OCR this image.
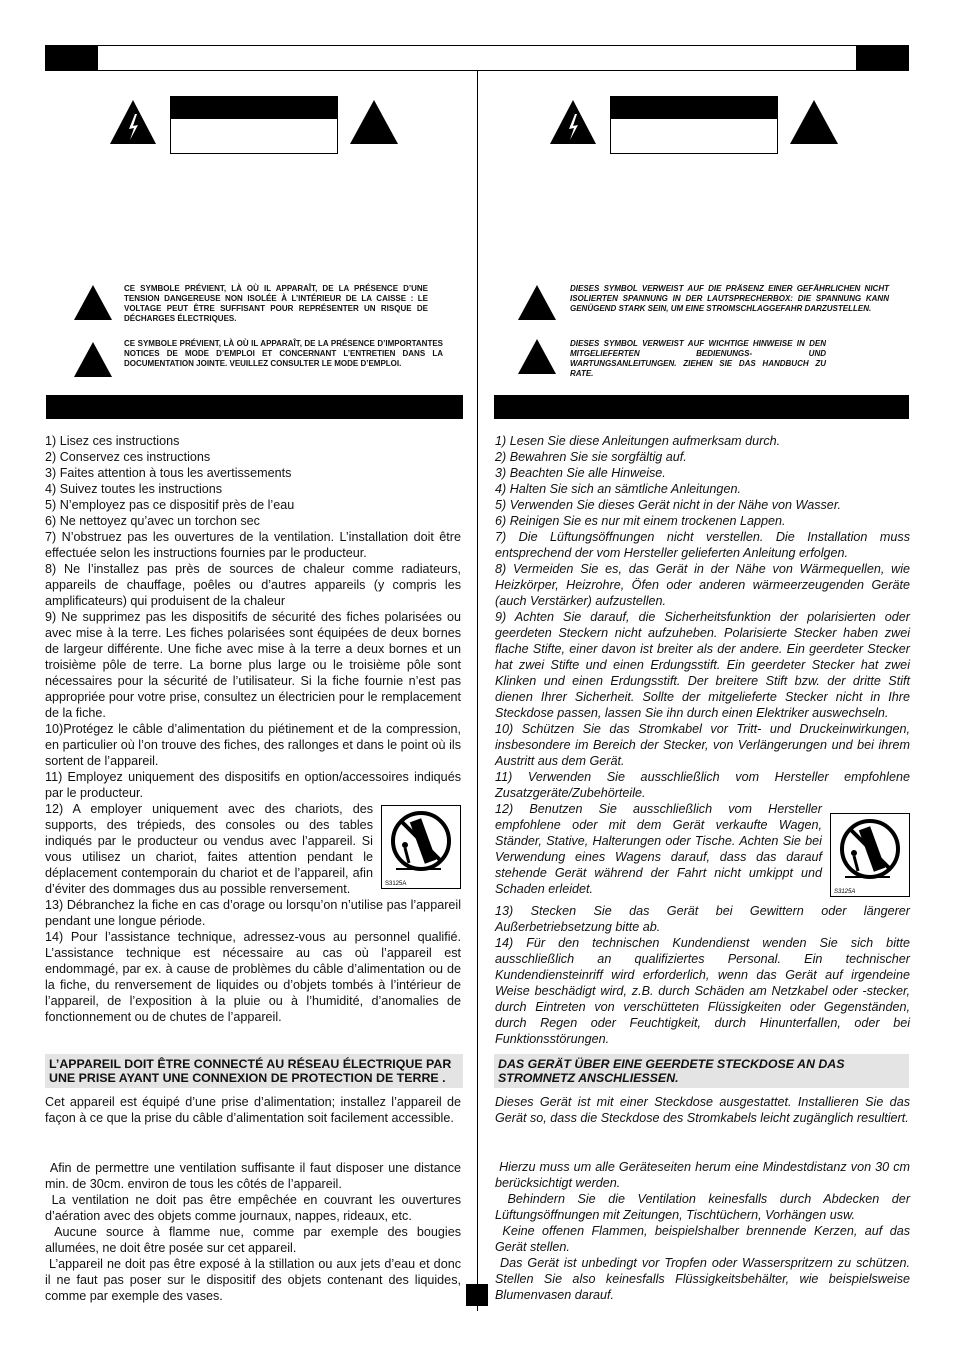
CE SYMBOLE PRÉVIENT, LÀ OÙ IL APPARAÎT, DE LA PRÉSENCE D’UNE TENSION DANGEREUSE NON ISOLÉE À L’INTÉRIEUR DE LA CAISSE : LE VOLTAGE PEUT ÊTRE SUFFISANT POUR REPRÉSENTER UN RISQUE DE DÉCHARGES ÉLECTRIQUES.
CE SYMBOLE PRÉVIENT, LÀ OÙ IL APPARAÎT, DE LA PRÉSENCE D’IMPORTANTES NOTICES DE MODE D’EMPLOI ET CONCERNANT L’ENTRETIEN DANS LA DOCUMENTATION JOINTE. VEUILLEZ CONSULTER LE MODE D’EMPLOI.

1) Lisez ces instructions

2) Conservez ces instructions

3) Faites attention à tous les avertissements

4) Suivez toutes les instructions

5) N’employez pas ce dispositif près de l’eau

6) Ne nettoyez qu’avec un torchon sec

7) N’obstruez pas les ouvertures de la ventilation. L’installation doit être effectuée selon les instructions fournies par le producteur.

8) Ne l’installez pas près de sources de chaleur comme radiateurs, appareils de chauffage, poêles ou d’autres appareils (y compris les amplificateurs) qui produisent de la chaleur

9) Ne supprimez pas les dispositifs de sécurité des fiches polarisées ou avec mise à la terre. Les fiches polarisées sont équipées de deux bornes de largeur différente. Une fiche avec mise à la terre a deux bornes et un troisième pôle de terre. La borne plus large ou le troisième pôle sont nécessaires pour la sécurité de l’utilisateur. Si la fiche fournie n’est pas appropriée pour votre prise, consultez un électricien pour le remplacement de la fiche.

10)Protégez le câble d’alimentation du piétinement et de la compression, en particulier où l’on trouve des fiches, des rallonges et dans le point où ils sortent de l’appareil.

11) Employez uniquement des dispositifs en option/accessoires indiqués par le producteur.

S3125A

12) A employer uniquement avec des chariots, des supports, des trépieds, des consoles ou des tables indiqués par le producteur ou vendus avec l’appareil. Si vous utilisez un chariot, faites attention pendant le déplacement contemporain du chariot et de l’appareil, afin d’éviter des dommages dus au possible renversement.

13) Débranchez la fiche en cas d’orage ou lorsqu’on n’utilise pas l’appareil pendant une longue période.

14) Pour l’assistance technique, adressez-vous au personnel qualifié. L’assistance technique est nécessaire au cas où l’appareil est endommagé, par ex. à cause de problèmes du câble d’alimentation ou de la fiche, du renversement de liquides ou d’objets tombés à l’intérieur de l’appareil, de l’exposition à la pluie ou à l’humidité, d’anomalies de fonctionnement ou de chutes de l’appareil.

L’APPAREIL DOIT ÊTRE CONNECTÉ AU RÉSEAU ÉLECTRIQUE PAR UNE PRISE AYANT UNE CONNEXION DE PROTECTION DE TERRE .
Cet appareil est équipé d’une prise d’alimentation; installez l’appareil de façon à ce que la prise du câble d’alimentation soit facilement accessible.

Afin de permettre une ventilation suffisante il faut disposer une distance min. de 30cm. environ de tous les côtés de l’appareil.

La ventilation ne doit pas être empêchée en couvrant les ouvertures d’aération avec des objets comme journaux, nappes, rideaux, etc.

Aucune source à flamme nue, comme par exemple des bougies allumées, ne doit être posée sur cet appareil.

L’appareil ne doit pas être exposé à la stillation ou aux jets d’eau et donc il ne faut pas poser sur le dispositif des objets contenant des liquides, comme par exemple des vases.

DIESES SYMBOL VERWEIST AUF DIE PRÄSENZ EINER GEFÄHRLICHEN NICHT ISOLIERTEN SPANNUNG IN DER LAUTSPRECHERBOX: DIE SPANNUNG KANN GENÜGEND STARK SEIN, UM EINE STROMSCHLAGGEFAHR DARZUSTELLEN.
DIESES SYMBOL VERWEIST AUF WICHTIGE HINWEISE IN DEN MITGELIEFERTEN BEDIENUNGS- UND WARTUNGSANLEITUNGEN. ZIEHEN SIE DAS HANDBUCH ZU RATE.

1) Lesen Sie diese Anleitungen aufmerksam durch.

2) Bewahren Sie sie sorgfältig auf.

3) Beachten Sie alle Hinweise.

4) Halten Sie sich an sämtliche Anleitungen.

5) Verwenden Sie dieses Gerät nicht in der Nähe von Wasser.

6) Reinigen Sie es nur mit einem trockenen Lappen.

7) Die Lüftungsöffnungen nicht verstellen. Die Installation muss entsprechend der vom Hersteller gelieferten Anleitung erfolgen.

8) Vermeiden Sie es, das Gerät in der Nähe von Wärmequellen, wie Heizkörper, Heizrohre, Öfen oder anderen wärmeerzeugenden Geräte (auch Verstärker) aufzustellen.

9) Achten Sie darauf, die Sicherheitsfunktion der polarisierten oder geerdeten Steckern nicht aufzuheben. Polarisierte Stecker haben zwei flache Stifte, einer davon ist breiter als der andere. Ein geerdeter Stecker hat zwei Stifte und einen Erdungsstift. Ein geerdeter Stecker hat zwei Klinken und einen Erdungsstift. Der breitere Stift bzw. der dritte Stift dienen Ihrer Sicherheit. Sollte der mitgelieferte Stecker nicht in Ihre Steckdose passen, lassen Sie ihn durch einen Elektriker auswechseln.

10) Schützen Sie das Stromkabel vor Tritt- und Druckeinwirkungen, insbesondere im Bereich der Stecker, von Verlängerungen und bei ihrem Austritt aus dem Gerät.

11) Verwenden Sie ausschließlich vom Hersteller empfohlene Zusatzgeräte/Zubehörteile.

S3125A

12) Benutzen Sie ausschließlich vom Hersteller empfohlene oder mit dem Gerät verkaufte Wagen, Ständer, Stative, Halterungen oder Tische. Achten Sie bei Verwendung eines Wagens darauf, dass das darauf stehende Gerät während der Fahrt nicht umkippt und Schaden erleidet.

13) Stecken Sie das Gerät bei Gewittern oder längerer Außerbetriebsetzung bitte ab.

14) Für den technischen Kundendienst wenden Sie sich bitte ausschließlich an qualifiziertes Personal. Ein technischer Kundendiensteinriff wird erforderlich, wenn das Gerät auf irgendeine Weise beschädigt wird, z.B. durch Schäden am Netzkabel oder -stecker, durch Eintreten von verschütteten Flüssigkeiten oder Gegenständen, durch Regen oder Feuchtigkeit, durch Hinunterfallen, oder bei Funktionsstörungen.

DAS GERÄT ÜBER EINE GEERDETE STECKDOSE AN DAS STROMNETZ ANSCHLIESSEN.
Dieses Gerät ist mit einer Steckdose ausgestattet. Installieren Sie das Gerät so, dass die Steckdose des Stromkabels leicht zugänglich resultiert.

Hierzu muss um alle Geräteseiten herum eine Mindestdistanz von 30 cm berücksichtigt werden.

Behindern Sie die Ventilation keinesfalls durch Abdecken der Lüftungsöffnungen mit Zeitungen, Tischtüchern, Vorhängen usw.

Keine offenen Flammen, beispielshalber brennende Kerzen, auf das Gerät stellen.

Das Gerät ist unbedingt vor Tropfen oder Wasserspritzern zu schützen. Stellen Sie also keinesfalls Flüssigkeitsbehälter, wie beispielsweise Blumenvasen darauf.
